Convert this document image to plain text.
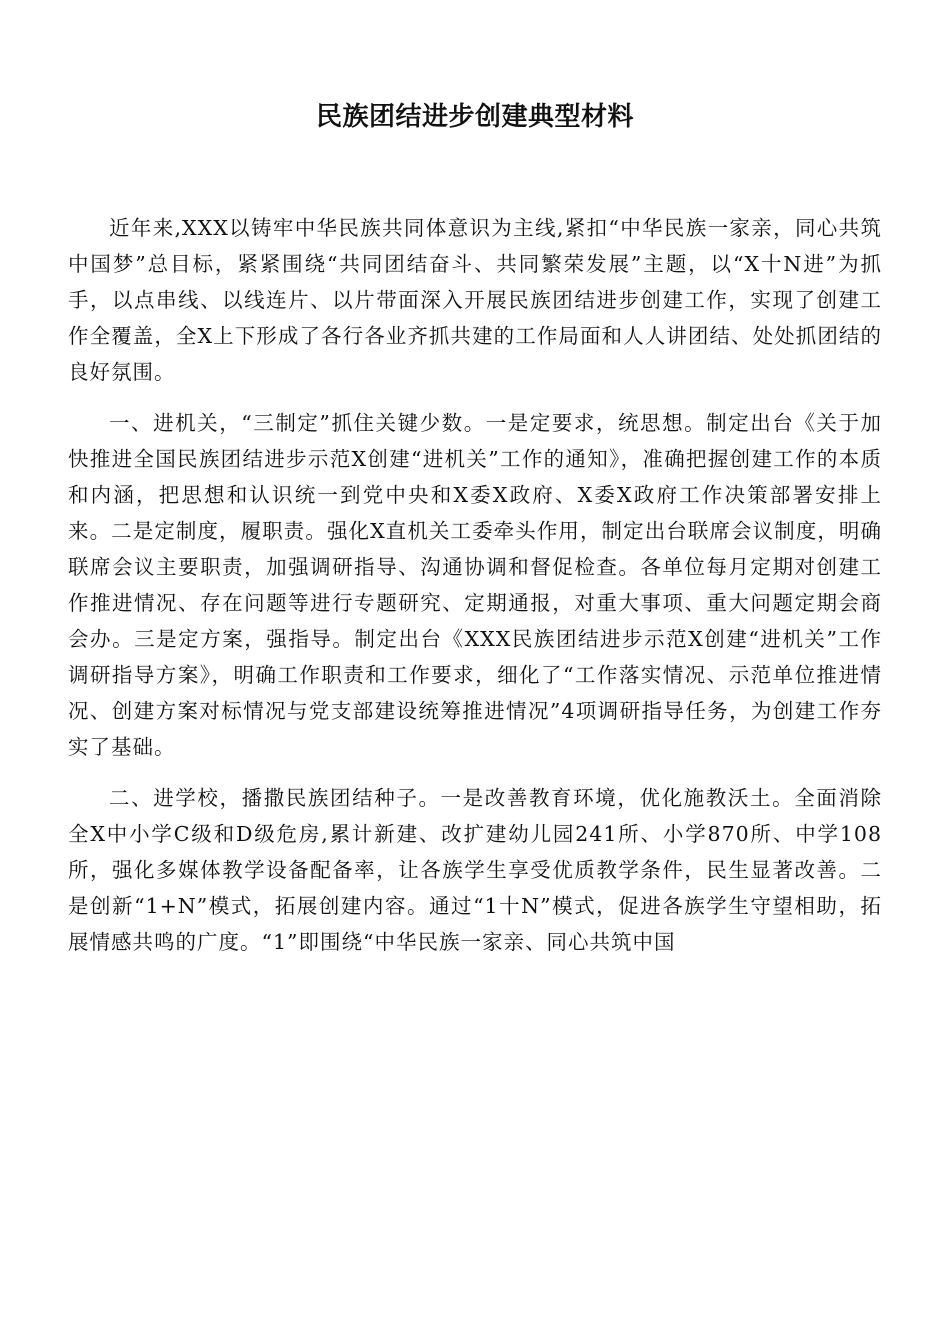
民族团结进步创建典型材料

近年来,XXX以铸牢中华民族共同体意识为主线,紧扣“中华民族一家亲，同心共筑中国梦”总目标，紧紧围绕“共同团结奋斗、共同繁荣发展”主题，以“X十N进”为抓手，以点串线、以线连片、以片带面深入开展民族团结进步创建工作，实现了创建工作全覆盖，全X上下形成了各行各业齐抓共建的工作局面和人人讲团结、处处抓团结的良好氛围。

一、进机关，“三制定”抓住关键少数。一是定要求，统思想。制定出台《关于加快推进全国民族团结进步示范X创建“进机关”工作的通知》，准确把握创建工作的本质和内涵，把思想和认识统一到党中央和X委X政府、X委X政府工作决策部署安排上来。二是定制度，履职责。强化X直机关工委牵头作用，制定出台联席会议制度，明确联席会议主要职责，加强调研指导、沟通协调和督促检查。各单位每月定期对创建工作推进情况、存在问题等进行专题研究、定期通报，对重大事项、重大问题定期会商会办。三是定方案，强指导。制定出台《XXX民族团结进步示范X创建“进机关”工作调研指导方案》，明确工作职责和工作要求，细化了“工作落实情况、示范单位推进情况、创建方案对标情况与党支部建设统筹推进情况”4项调研指导任务，为创建工作夯实了基础。

二、进学校，播撒民族团结种子。一是改善教育环境，优化施教沃土。全面消除全X中小学C级和D级危房,累计新建、改扩建幼儿园241所、小学870所、中学108所，强化多媒体教学设备配备率，让各族学生享受优质教学条件，民生显著改善。二是创新“1+N”模式，拓展创建内容。通过“1十N”模式，促进各族学生守望相助，拓展情感共鸣的广度。“1”即围绕“中华民族一家亲、同心共筑中国
